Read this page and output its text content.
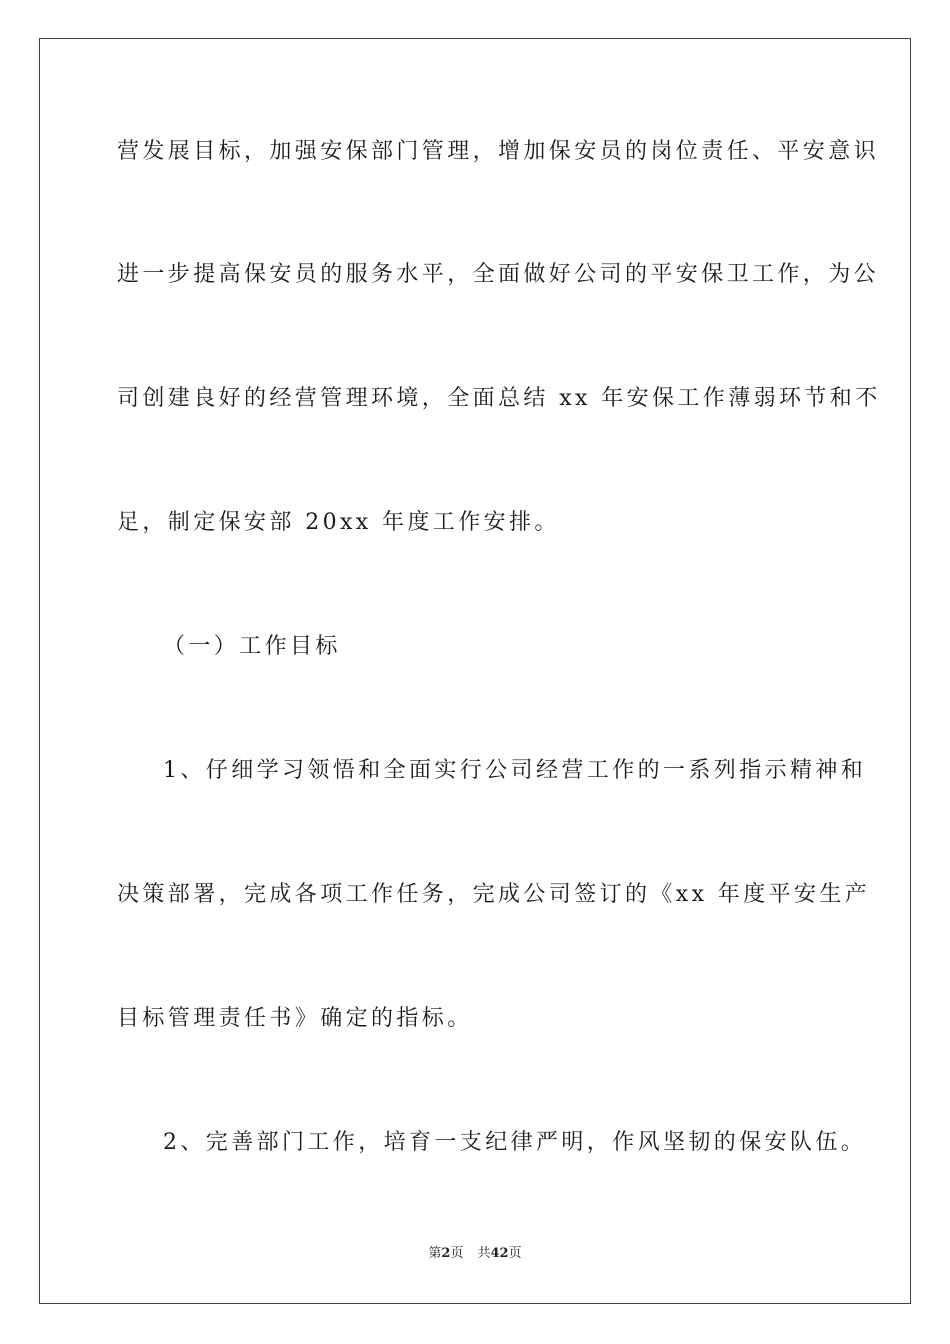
营发展目标，加强安保部门管理，增加保安员的岗位责任、平安意识
进一步提高保安员的服务水平，全面做好公司的平安保卫工作，为公
司创建良好的经营管理环境，全面总结 xx 年安保工作薄弱环节和不
足，制定保安部 20xx 年度工作安排。
（一）工作目标
1、仔细学习领悟和全面实行公司经营工作的一系列指示精神和
决策部署，完成各项工作任务，完成公司签订的《xx 年度平安生产
目标管理责任书》确定的指标。
2、完善部门工作，培育一支纪律严明，作风坚韧的保安队伍。
第2页 共42页
